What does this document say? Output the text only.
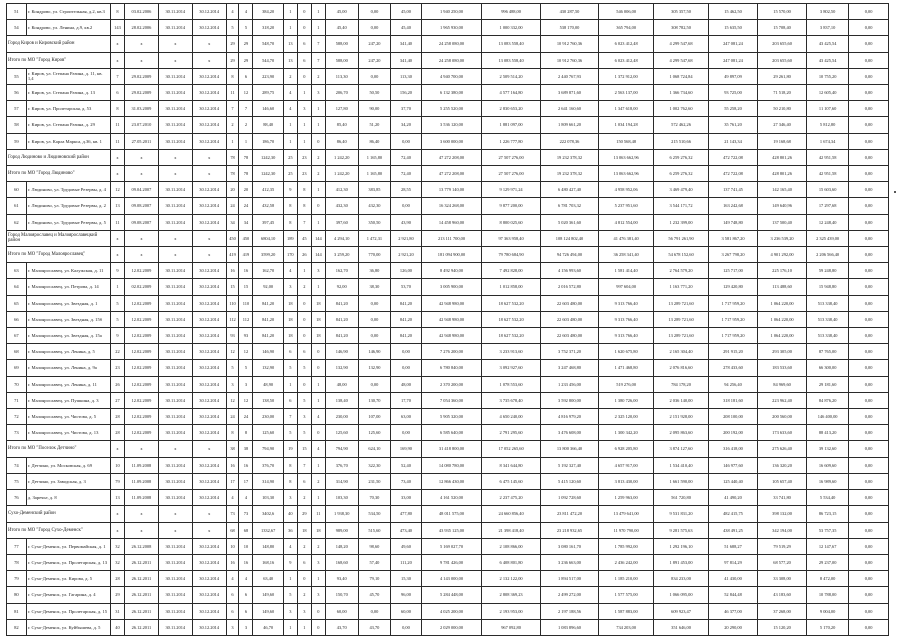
51	г. Кондрово, ул. Строительная, д.2, кв.3	8	03.02.2006	30.11.2014	30.12.2014	4	4	384,20	1	0	1	45,00	0,00	45,00	1 940 250,00	996 488,00	430 287,50	546 006,00	305 357,50	15 462,50	15 570,00	3 802,50	0,00
54	г. Кондрово, ул. Ленина, д.9, кв.2	143	28.02.2006	30.11.2014	30.12.2014	5	5	318,20	1	0	1	45,40	0,00	45,40	1 965 930,00	1 000 332,00	538 170,00	365 794,00	308 782,50	15 635,50	15 708,40	3 837,10	0,00
Город Киров и Кировский район		x	x	x	x	29	29	548,70	13	6	7	588,00	247,20	341,40	24 258 080,00	13 083 558,40	10 912 760,36	6 023 412,48	4 299 547,68	247 081,24	203 655,60	43 425,54	0,00
Итого по МО "Город Киров"		x	x	x	x	29	29	544,70	13	6	7	588,00	247,20	341,40	24 258 080,00	13 083 558,40	10 912 760,36	6 023 412,48	4 299 547,68	247 081,24	203 655,60	43 425,54	0,00
55	г. Киров, ул. Степана Разина, д. 11, кв. 1,4	7	29.02.2009	30.11.2014	30.12.2014	8	6	223,90	2	0	2	113,30	0,00	113,30	4 940 700,00	2 509 514,20	2 440 767,93	1 372 912,00	1 068 724,84	49 897,09	29 261,80	10 755,20	0,00
56	г. Киров, ул. Степана Разина, д. 13	6	29.02.2009	30.11.2014	30.12.2014	11	12	289,75	4	1	3	206,70	50,50	156,20	6 132 380,00	4 577 164,80	3 689 871,60	2 563 137,00	1 366 734,60	93 725,00	71 518,20	12 605,40	0,00
57	г. Киров, ул. Пролетарская, д. 53	8	31.03.2009	30.11.2014	30.12.2014	7	7	146,60	4	3	1	127,80	90,00	37,70	5 255 520,00	2 830 653,20	2 641 160,60	1 347 618,00	1 002 762,60	55 258,20	50 210,80	11 107,60	0,00
58	г. Киров, ул. Степана Разина, д. 29	11	23.07.2010	30.11.2014	30.12.2014	2	2	88,40	1	1	1	85,40	51,20	34,20	3 536 120,00	1 881 097,00	1 809 661,20	1 034 194,28	572 462,26	35 761,20	27 346,40	5 812,80	0,00
59	г. Киров, ул. Карла Маркса, д.36, кв. 1	11	27.05.2011	30.11.2014	30.12.2014	1	1	186,70	1	1	0	86,40	86,40	0,00	3 600 000,00	1 226 777,80	222 078,36	150 568,48	215 510,66	21 143,34	19 168,68	1 674,34	0,00
Город Людиново и Людиновский район		x	x	x	x	78	78	1242,30	25	23	2	1 242,20	1 165,80	72,40	47 272 208,00	27 507 276,00	19 232 378,32	13 063 662,96	6 259 276,32	472 722,08	428 801,26	42 951,58	0,00
Итого по МО "Город Людиново"		x	x	x	x	78	78	1242,30	25	23	2	1 242,20	1 165,80	72,40	47 272 208,00	27 507 276,00	19 232 378,32	13 063 662,96	6 259 276,32	472 722,08	428 801,26	42 951,58	0,00
60	г. Людиново, ул. Трудовые Резервы, д. 4	12	09.04.2007	30.11.2014	30.12.2014	20	20	412,35	9	8	1	412,30	383,85	28,55	13 779 140,00	9 129 971,24	6 480 427,40	4 958 952,06	3 469 479,40	137 741,45	142 165,40	15 603,60	0,00
61	г. Людиново, ул. Трудовые Резервы, д. 2	13	09.08.2007	30.11.2014	30.12.2014	24	24	432,58	8	8	0	432,30	432,30	0,00	16 324 268,00	9 877 200,00	6 781 703,32	5 237 951,60	3 544 171,72	163 242,68	149 640,96	17 297,68	0,00
62	г. Людиново, ул. Трудовые Резервы, д. 5	11	09.08.2007	30.11.2014	30.12.2014	34	34	397,45	8	7	1	397,60	350,50	43,90	14 458 960,00	8 800 025,60	5 020 361,60	4 812 554,00	1 232 399,00	149 748,80	137 500,40	12 248,40	0,00
Город Малоярославец и Малоярославецкий район		x	x	x	x	450	450	6804,10	189	45	144	4 294,10	1 472,31	2 921,80	213 111 700,00	97 363 958,40	108 124 802,40	41 476 381,40	56 791 261,90	3 581 867,20	3 236 539,20	2 325 439,00	0,00
Итого по МО "Город Малоярославец"		x	x	x	x	419	419	3599,20	170	26	144	3 259,20	770,00	2 921,20	181 094 900,00	79 780 684,90	94 726 494,00	36 258 341,40	54 678 152,60	3 267 798,20	4 901 292,00	2 206 566,40	0,00
63	г. Малоярославец, ул. Калужская, д. 11	9	12.02.2009	30.11.2014	30.12.2014	16	16	162,70	4	1	3	162,70	36,80	126,00	8 492 940,00	7 492 828,00	4 156 993,60	1 581 414,40	2 764 579,20	125 717,00	225 176,10	59 248,80	0,00
64	г. Малоярославец, ул. Петрова, д. 14	1	02.02.2009	30.11.2014	30.12.2014	15	15	92,00	3	2	1	92,00	38,30	53,70	3 005 900,00	1 012 858,00	2 016 572,80	997 604,00	1 163 771,20	129 420,80	113 488,60	15 948,80	0,00
65	г. Малоярославец, ул. Звездная, д. 1	5	12.02.2009	30.11.2014	30.12.2014	110	110	841,20	18	0	18	841,20	0,00	841,20	42 948 980,00	18 627 532,20	22 603 480,00	9 313 766,40	13 289 721,60	1 717 959,20	1 064 220,00	513 338,40	0,00
66	г. Малоярославец, ул. Звездная, д. 15б	5	12.02.2009	30.11.2014	30.12.2014	112	112	841,20	18	0	18	841,20	0,00	841,20	42 948 980,00	18 627 532,20	22 603 480,00	9 313 766,40	13 289 721,60	1 717 959,20	1 064 220,00	513 338,40	0,00
67	г. Малоярославец, ул. Звездная, д. 15а	9	12.02.2009	30.11.2014	30.12.2014	93	93	841,20	18	0	18	841,20	0,00	841,20	42 948 980,00	18 627 532,20	22 603 480,00	9 313 766,40	13 289 721,60	1 717 959,20	1 064 220,00	513 338,40	0,00
68	г. Малоярославец, ул. Ленина, д. 5	22	12.02.2009	30.11.2014	30.12.2014	12	12	146,90	6	6	0	146,90	146,90	0,00	7 276 200,00	3 233 913,60	3 752 371,20	1 620 675,80	2 165 304,40	291 915,20	293 305,00	87 765,00	0,00
69	г. Малоярославец, ул. Ленина, д. 9а	23	12.02.2009	30.11.2014	30.12.2014	5	5	132,90	5	5	0	132,90	132,90	0,00	6 780 840,00	3 092 927,60	3 247 468,80	1 471 468,80	2 076 816,60	278 433,60	183 533,60	66 300,00	0,00
70	г. Малоярославец, ул. Ленина, д. 11	26	12.02.2009	30.11.2014	30.12.2014	3	3	48,90	1	0	1	48,00	0,00	48,00	2 370 200,00	1 078 553,60	1 233 456,00	519 276,00	784 178,20	94 256,40	84 969,60	29 181,60	0,00
71	г. Малоярославец, ул. Пушкина, д. 3	27	12.02.2009	30.11.2014	30.12.2014	12	12	138,50	6	5	1	138,40	130,70	17,70	7 054 360,00	3 735 678,40	3 592 800,00	1 380 726,00	2 036 140,00	318 181,60	223 962,40	84 876,20	0,00
72	г. Малоярославец, ул. Чистова, д. 5	28	12.02.2009	30.11.2014	30.12.2014	24	24	230,00	7	3	4	230,00	107,00	63,00	5 905 320,00	4 650 240,00	4 816 979,20	2 325 120,00	2 151 928,00	208 100,00	200 560,00	146 400,00	0,00
73	г. Малоярославец, ул. Чистова, д. 13	28	12.02.2009	30.11.2014	30.12.2014	8	8	125,60	5	5	0	125,60	125,60	0,00	6 585 640,00	2 791 295,60	3 476 608,00	1 300 342,20	2 095 863,60	200 192,00	173 633,60	88 413,20	0,00
Итого по МО "Поселок Детчино"		x	x	x	x	38	38	794,90	19	15	4	794,90	624,10	169,90	31 418 800,00	17 052 265,60	13 800 366,40	6 928 205,80	3 874 127,60	316 418,00	275 626,40	39 132,60	0,00
74	г. Детчино, ул. Московская, д. 69	10	11.09.2008	30.11.2014	30.12.2014	16	16	376,70	8	7	1	376,70	322,30	52,40	14 080 780,00	8 341 644,80	5 192 327,40	4 657 917,00	1 534 410,40	146 977,60	136 320,20	16 609,60	0,00
75	г. Детчино, ул. Заводская, д. 3	79	11.09.2008	30.11.2014	30.12.2014	17	17	314,90	8	6	2	314,90	231,50	73,40	12 866 430,00	6 475 145,60	5 415 120,60	3 813 430,00	1 661 590,00	125 440,40	105 657,40	16 989,60	0,00
76	д. Заречье, д. 8	13	11.09.2008	30.11.2014	30.12.2014	4	4	103,30	3	2	1	103,30	70,30	33,00	4 161 520,00	2 237 475,20	1 092 728,60	1 259 963,00	561 720,80	41 490,20	33 741,80	5 534,40	0,00
Сухо-Деменский район		x	x	x	x	73	73	3402,6	40	29	11	1 938,30	534,50	477,80	48 011 575,00	24 660 856,40	23 811 472,20	13 479 641,00	9 531 831,20	482 415,75	398 132,00	86 723,15	0,00
Итого по МО "Город Сухо-Деменск"		x	x	x	x	68	68	1332,67	36	18	18	989,00	515,60	473,40	43 935 125,00	21 398 418,40	23 218 932,65	11 970 790,00	9 281 575,63	438 491,25	342 194,00	53 757,35	0,00
77	г. Сухо-Деменск, ул. Первомайская, д. 1	32	26.12.2008	30.11.2014	30.12.2014	10	10	148,80	4	2	2	148,20	98,60	49,60	5 169 027,70	2 108 866,00	3 080 161,70	1 785 992,00	1 292 196,10	51 688,27	79 519,29	12 147,67	0,00
78	г. Сухо-Деменск, ул. Пролетарская, д. 13	32	26.12.2011	30.11.2014	30.12.2014	16	16	168,16	9	6	3	168,60	57,40	111,20	9 781 426,00	6 408 801,80	3 236 663,00	2 436 242,00	1 891 453,00	97 814,29	68 577,20	29 237,00	0,00
79	г. Сухо-Деменск, ул. Кирова, д. 5	28	26.12.2011	30.11.2014	30.12.2014	4	4	63,40	1	0	1	93,40	79,10	15,30	4 143 000,00	2 132 122,00	1 894 517,00	1 185 210,00	834 233,00	41 430,00	33 308,00	8 472,00	0,00
80	г. Сухо-Деменск, ул. Гагарина, д. 4	29	26.12.2011	30.11.2014	30.12.2014	6	6	149,60	5	2	3	150,70	45,70	96,00	5 284 448,00	2 808 369,23	2 499 272,00	1 577 575,00	1 066 095,00	52 844,48	43 183,60	10 788,00	0,00
81	г. Сухо-Деменск, ул. Пролетарская, д. 15	31	26.12.2011	30.11.2014	30.12.2014	6	6	149,60	3	3	0	60,00	0,00	60,00	4 025 200,00	2 193 953,00	2 197 188,56	1 587 883,00	609 923,47	46 377,00	37 268,00	9 004,00	0,00
82	г. Сухо-Деменск, ул. Куйбышева, д. 5	40	26.12.2011	30.11.2014	30.12.2014	3	3	46,70	1	1	0	43,70	43,70	0,00	2 029 000,00	967 092,80	1 083 896,60	734 203,00	351 646,00	20 290,00	15 120,20	5 170,20	0,00
